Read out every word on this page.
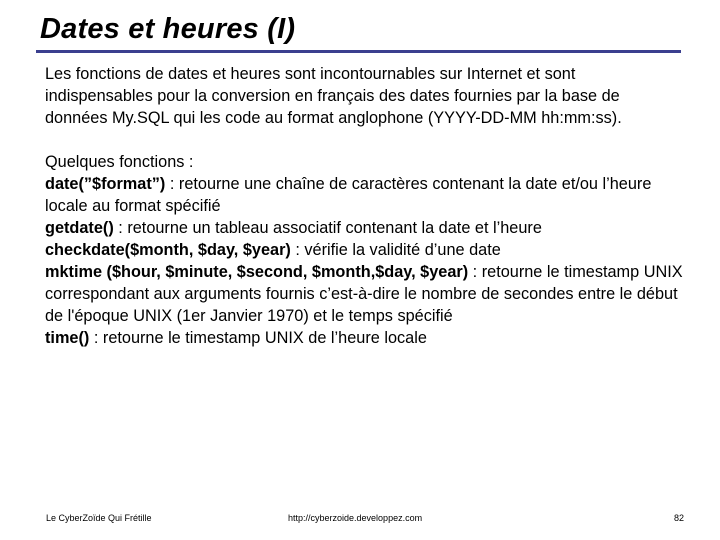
Dates et heures (I)

Les fonctions de dates et heures sont incontournables sur Internet et sont indispensables pour la conversion en français des dates fournies par la base de données My.SQL qui les code au format anglophone (YYYY-DD-MM hh:mm:ss).

Quelques fonctions :

date(”$format”) : retourne une chaîne de caractères contenant la date et/ou l’heure locale au format spécifié

getdate() : retourne un tableau associatif contenant la date et l’heure

checkdate($month, $day, $year) : vérifie la validité d’une date

mktime ($hour, $minute, $second, $month,$day, $year) : retourne le timestamp UNIX correspondant aux arguments fournis c’est-à-dire le nombre de secondes entre le début de l'époque UNIX (1er Janvier 1970) et le temps spécifié

time() : retourne le timestamp UNIX de l’heure locale

Le CyberZoïde Qui Frétille	http://cyberzoide.developpez.com	82
